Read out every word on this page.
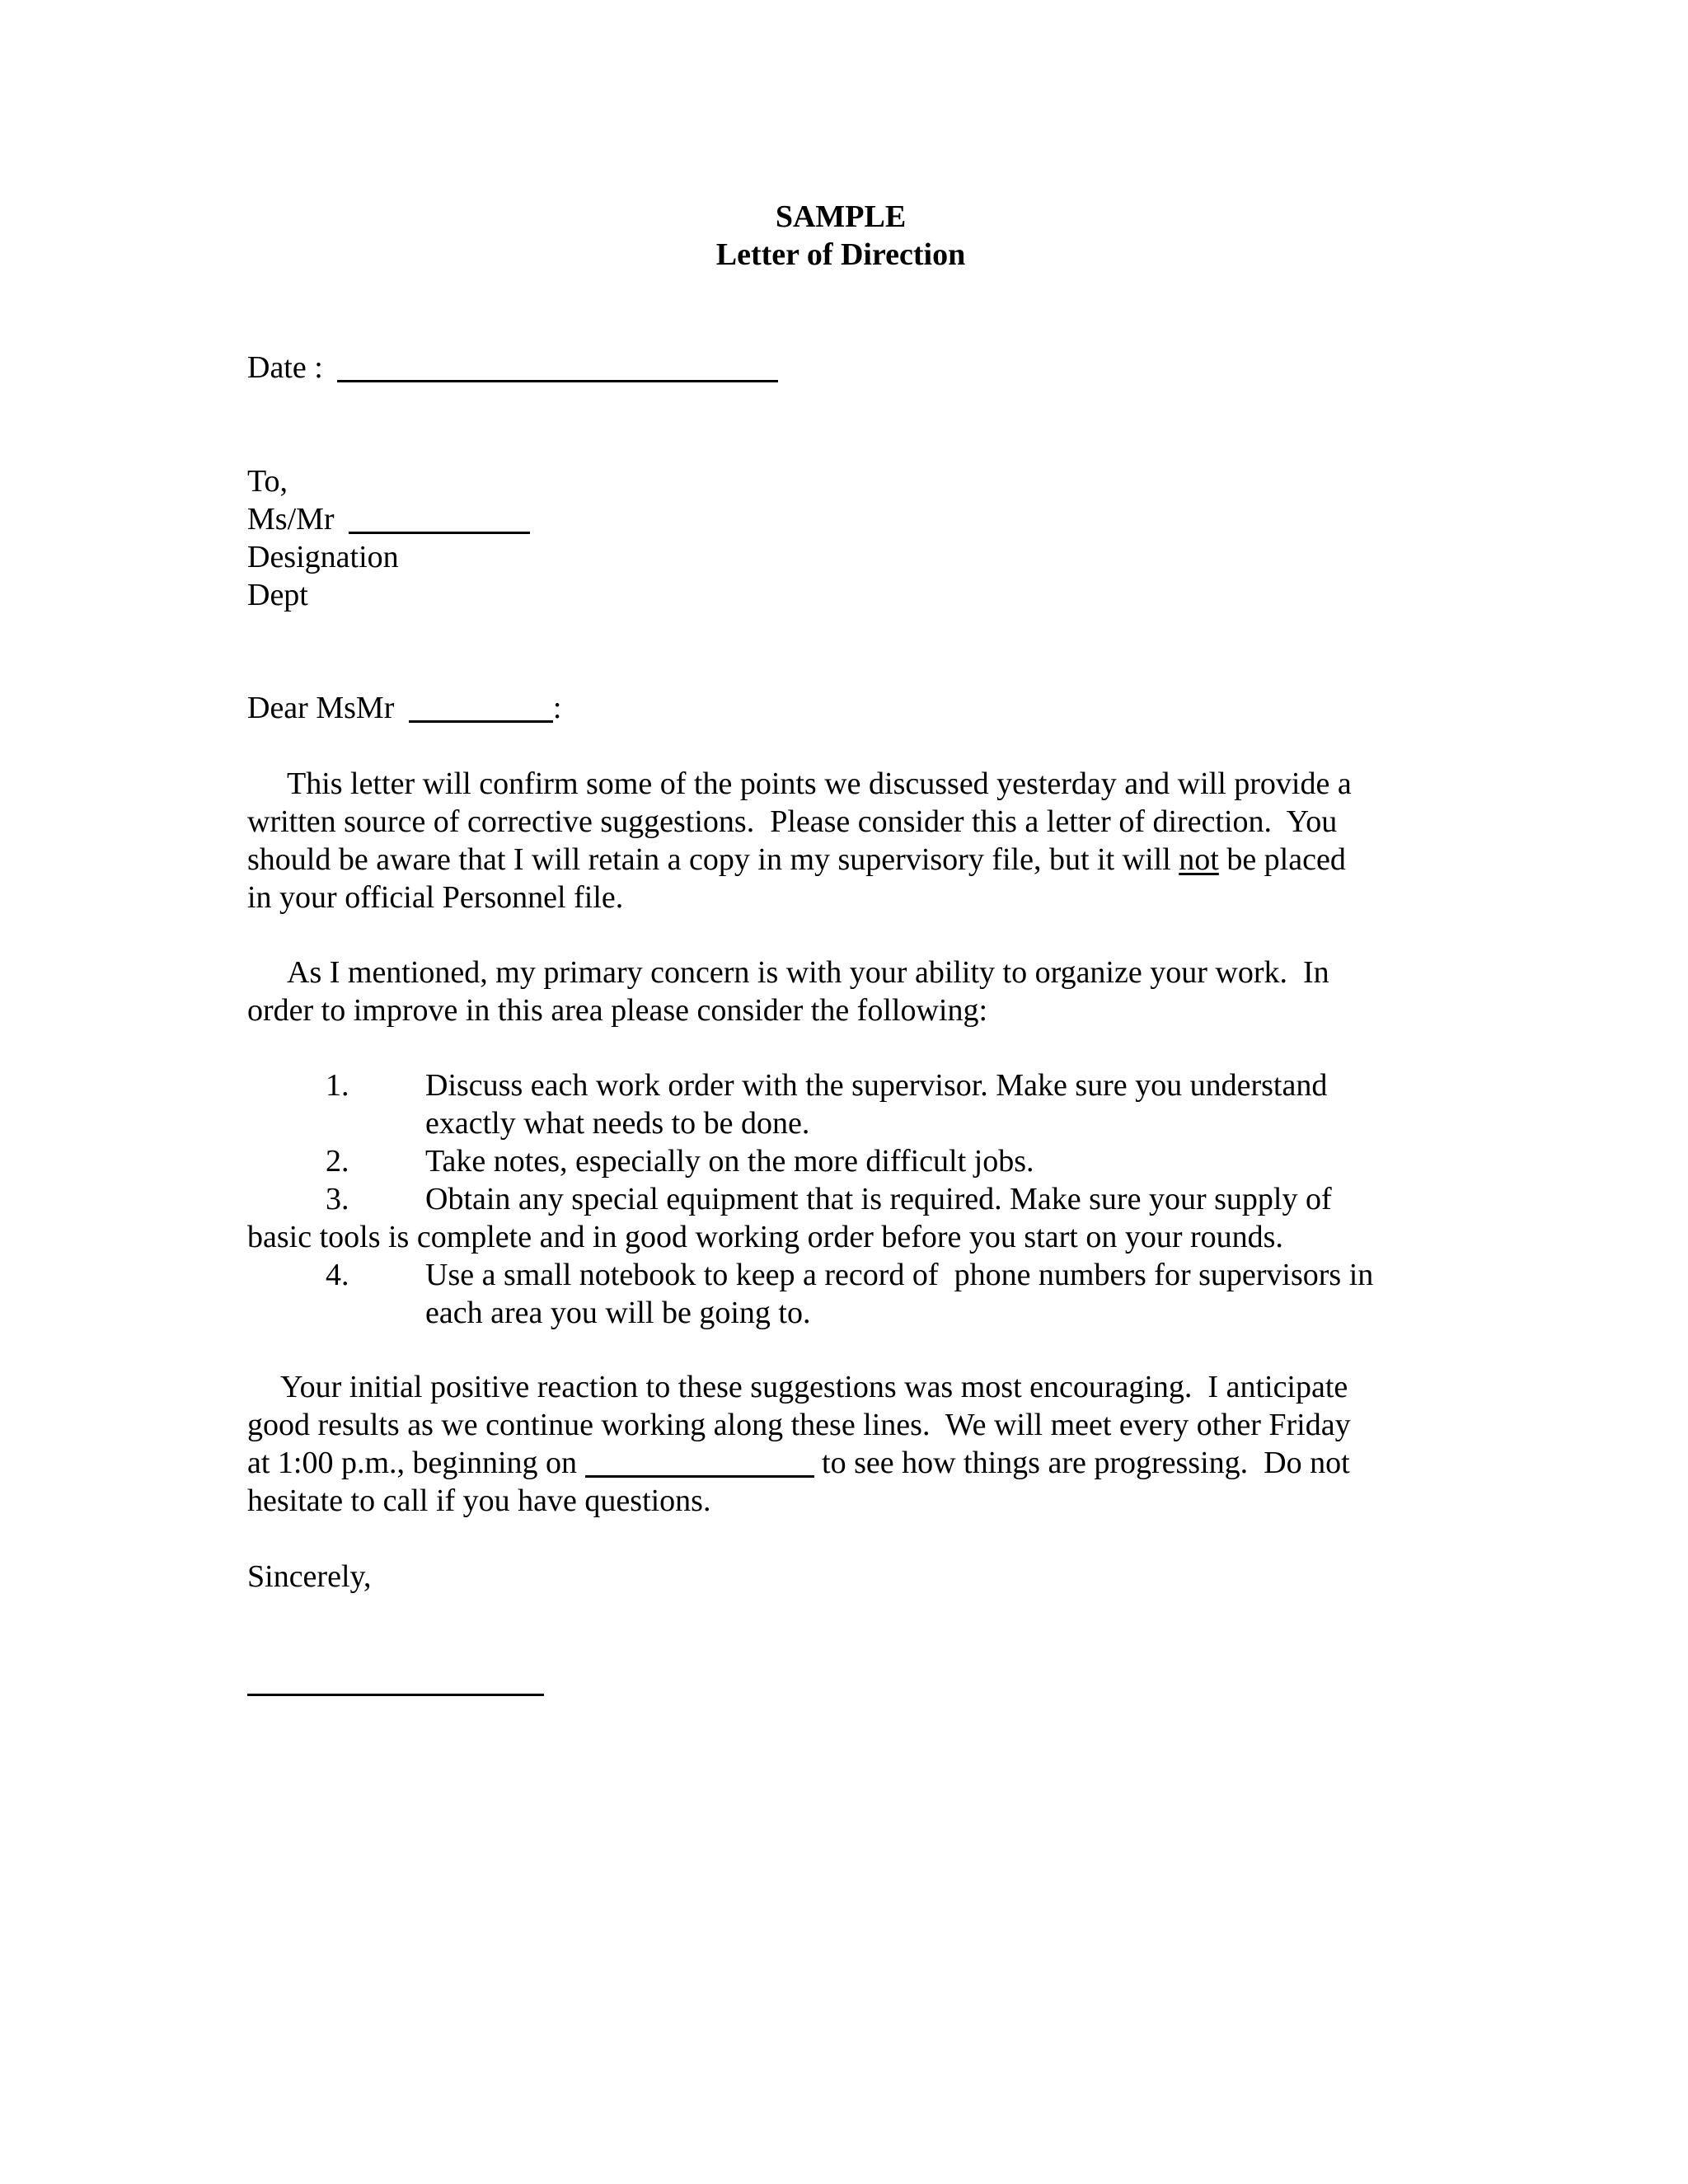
SAMPLE
Letter of Direction
Date :
To,
Ms/Mr
Designation
Dept
Dear MsMr	:
This letter will confirm some of the points we discussed yesterday and will provide a
written source of corrective suggestions.  Please consider this a letter of direction.  You
should be aware that I will retain a copy in my supervisory file, but it will not be placed
in your official Personnel file.
As I mentioned, my primary concern is with your ability to organize your work.  In
order to improve in this area please consider the following:
1. Discuss each work order with the supervisor. Make sure you understand
exactly what needs to be done.
2. Take notes, especially on the more difficult jobs.
3.	Obtain any special equipment that is required. Make sure your supply of
basic tools is complete and in good working order before you start on your rounds.
4. Use a small notebook to keep a record of  phone numbers for supervisors in
each area you will be going to.
Your initial positive reaction to these suggestions was most encouraging.  I anticipate
good results as we continue working along these lines.  We will meet every other Friday
at 1:00 p.m., beginning on	to see how things are progressing.  Do not
hesitate to call if you have questions.
Sincerely,
